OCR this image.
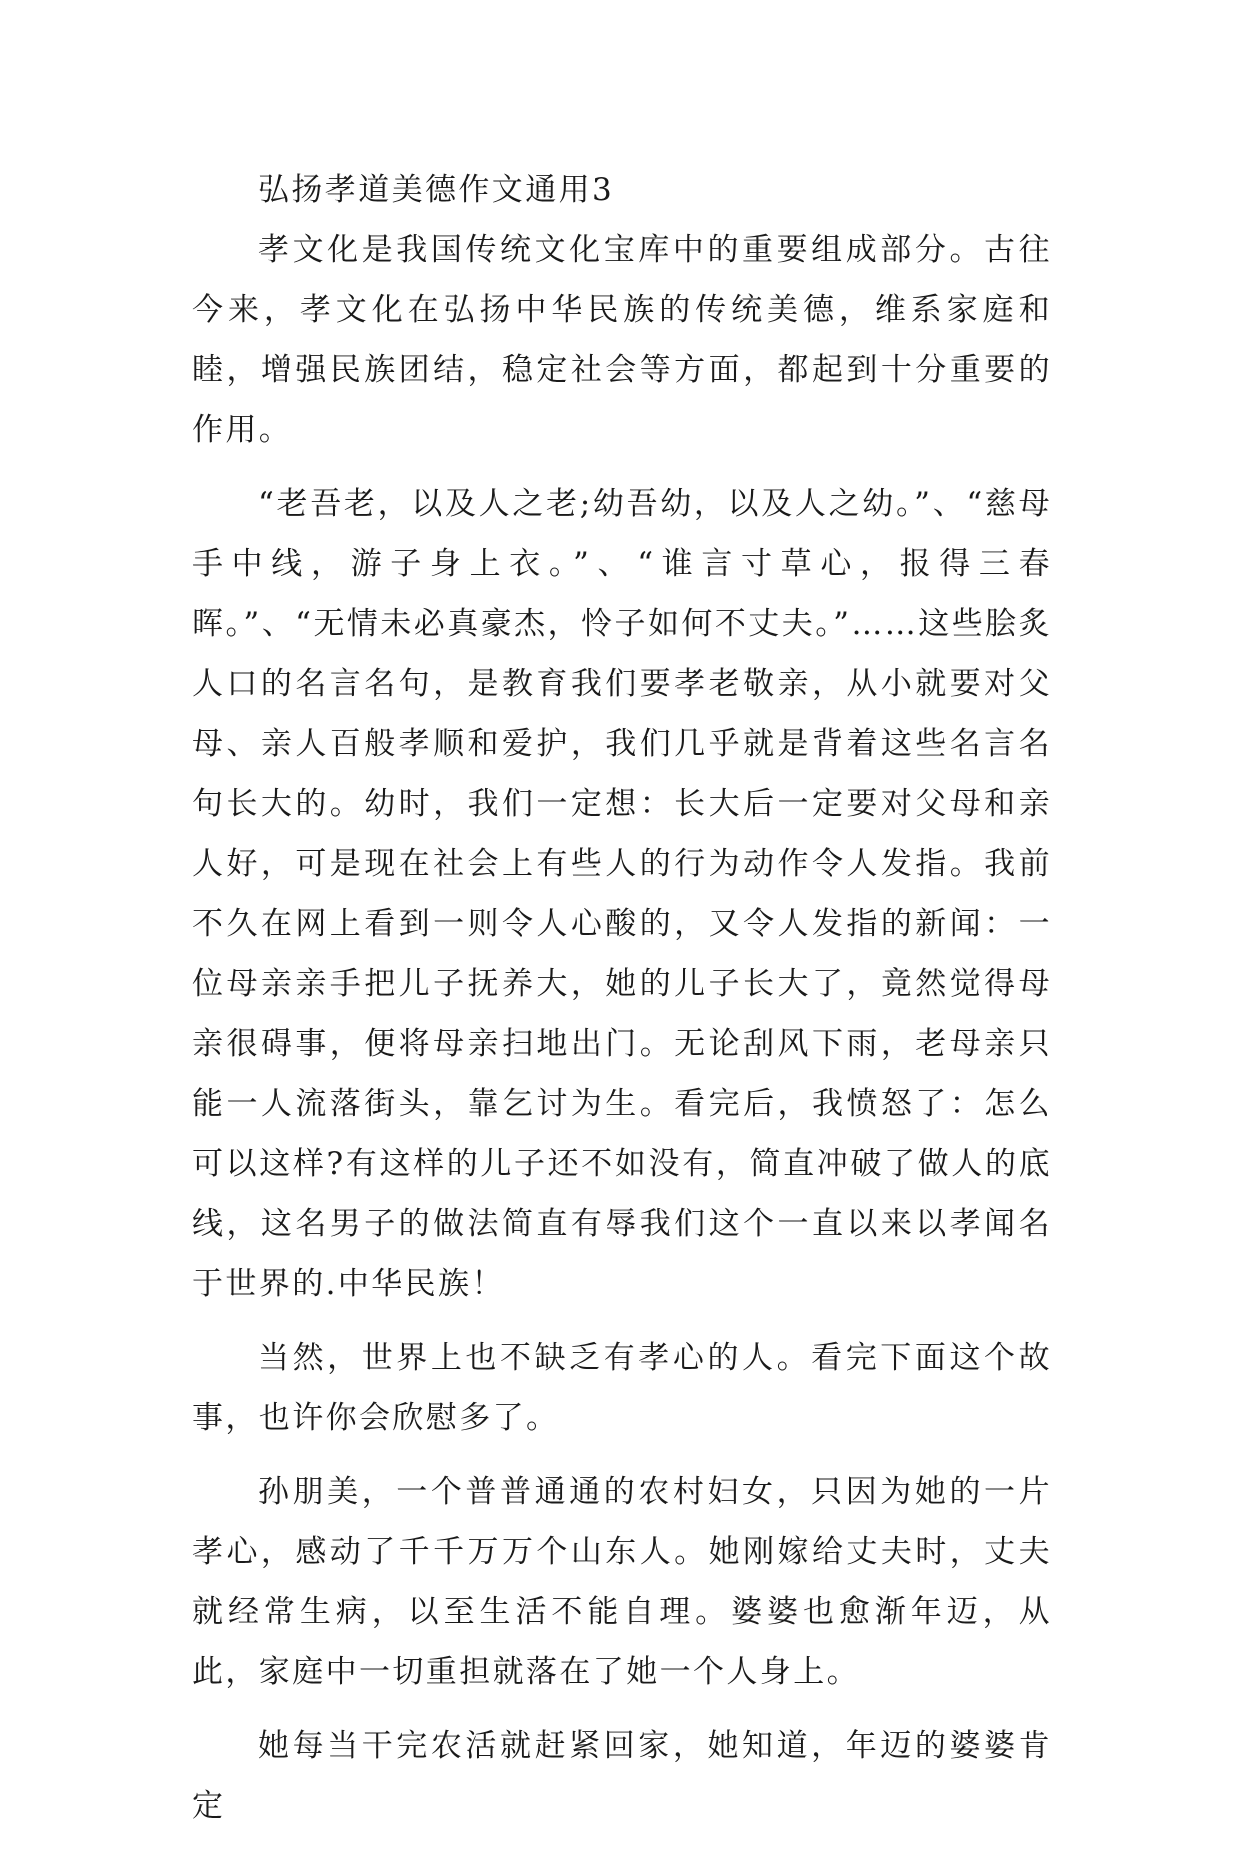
弘扬孝道美德作文通用3

孝文化是我国传统文化宝库中的重要组成部分。古往今来，孝文化在弘扬中华民族的传统美德，维系家庭和睦，增强民族团结，稳定社会等方面，都起到十分重要的作用。

“老吾老，以及人之老;幼吾幼，以及人之幼。”、“慈母手中线，游子身上衣。”、“谁言寸草心，报得三春晖。”、“无情未必真豪杰，怜子如何不丈夫。”……这些脍炙人口的名言名句，是教育我们要孝老敬亲，从小就要对父母、亲人百般孝顺和爱护，我们几乎就是背着这些名言名句长大的。幼时，我们一定想：长大后一定要对父母和亲人好，可是现在社会上有些人的行为动作令人发指。我前不久在网上看到一则令人心酸的，又令人发指的新闻：一位母亲亲手把儿子抚养大，她的儿子长大了，竟然觉得母亲很碍事，便将母亲扫地出门。无论刮风下雨，老母亲只能一人流落街头，靠乞讨为生。看完后，我愤怒了：怎么可以这样?有这样的儿子还不如没有，简直冲破了做人的底线，这名男子的做法简直有辱我们这个一直以来以孝闻名于世界的.中华民族！

当然，世界上也不缺乏有孝心的人。看完下面这个故事，也许你会欣慰多了。

孙朋美，一个普普通通的农村妇女，只因为她的一片孝心，感动了千千万万个山东人。她刚嫁给丈夫时，丈夫就经常生病，以至生活不能自理。婆婆也愈渐年迈，从此，家庭中一切重担就落在了她一个人身上。

她每当干完农活就赶紧回家，她知道，年迈的婆婆肯定
